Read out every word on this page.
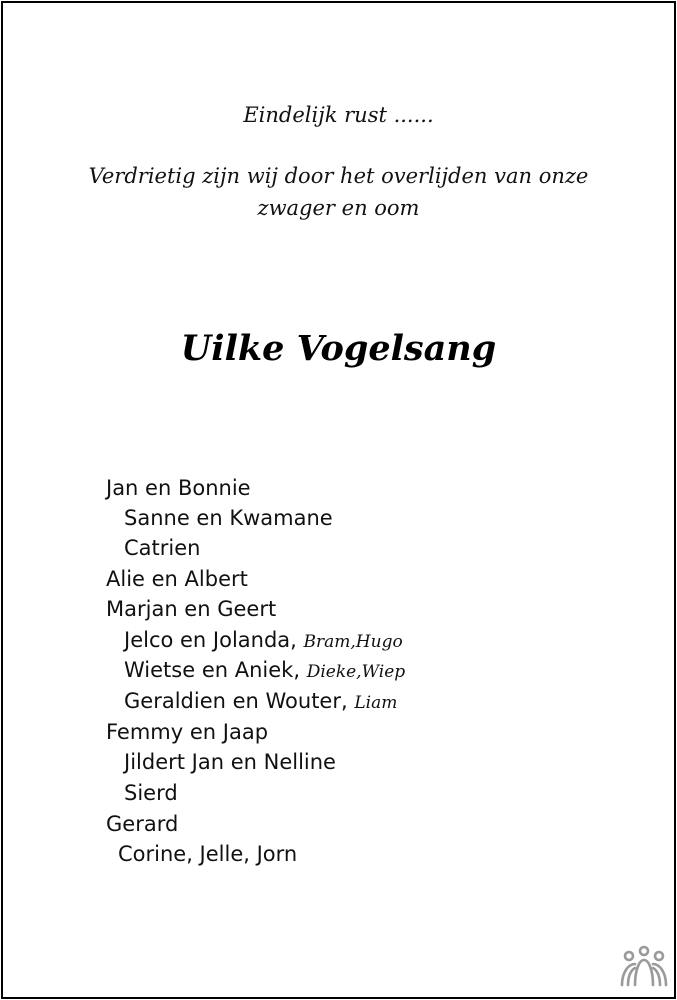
Eindelijk rust ......
Verdrietig zijn wij door het overlijden van onze
zwager en oom
Uilke Vogelsang
Jan en Bonnie
Sanne en Kwamane
Catrien
Alie en Albert
Marjan en Geert
Jelco en Jolanda, Bram,Hugo
Wietse en Aniek, Dieke,Wiep
Geraldien en Wouter, Liam
Femmy en Jaap
Jildert Jan en Nelline
Sierd
Gerard
Corine, Jelle, Jorn
